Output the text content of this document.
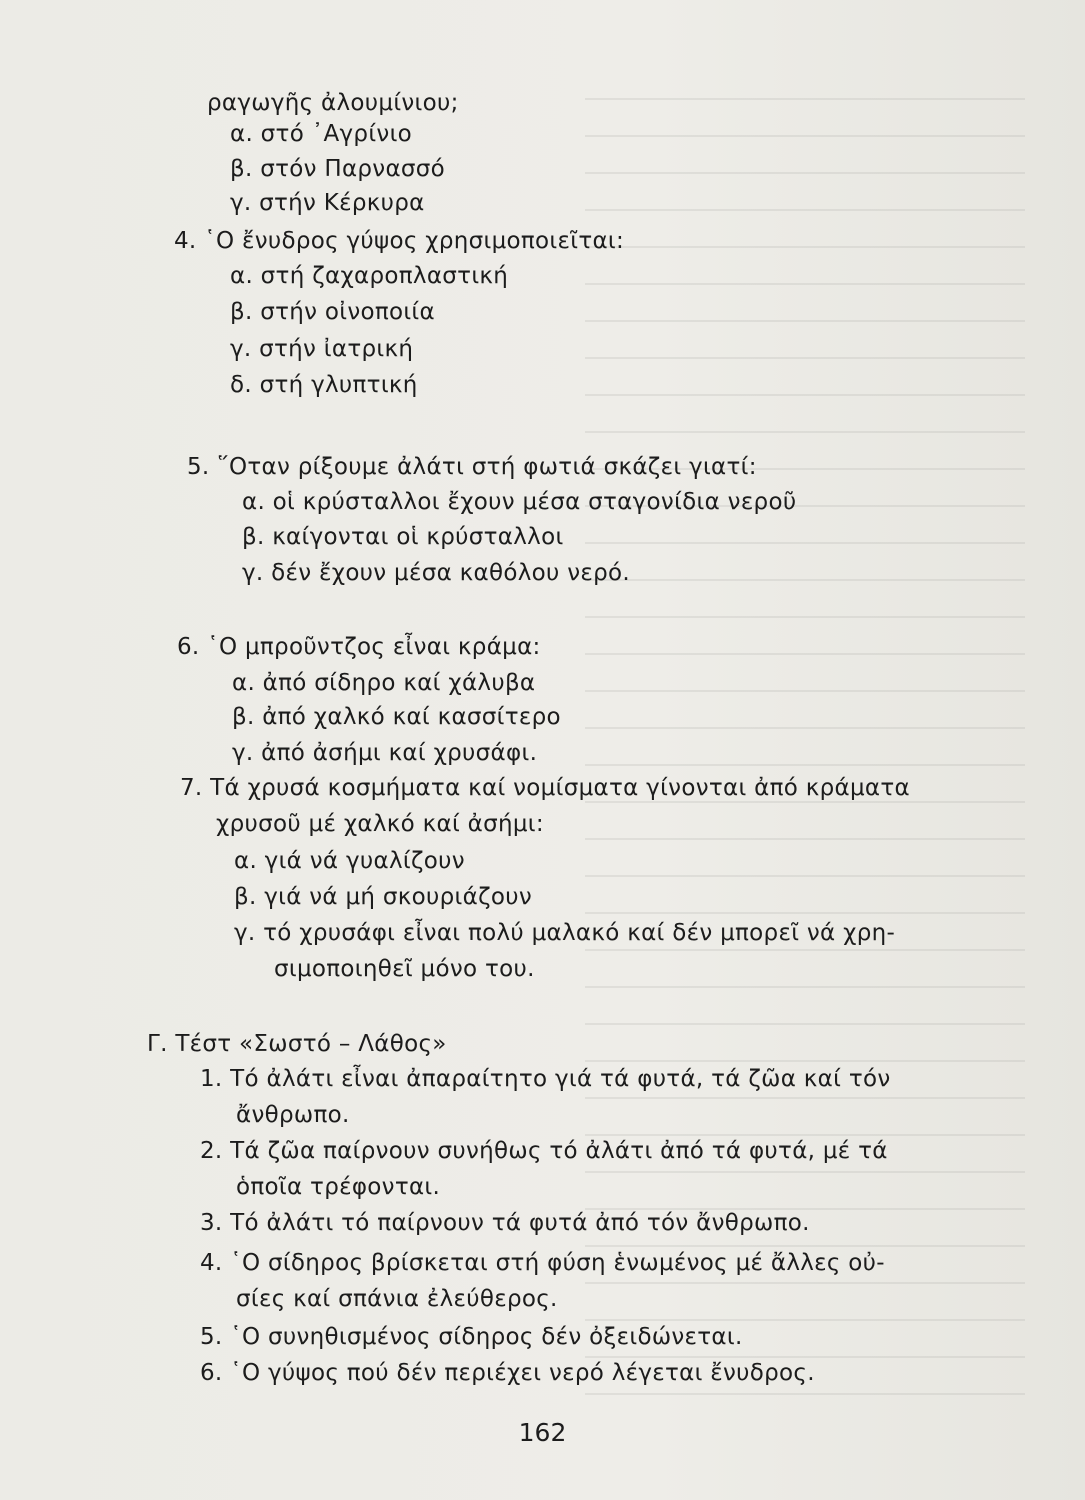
ραγωγῆς ἀλουμίνιου;
α. στό ᾿Αγρίνιο
β. στόν Παρνασσό
γ. στήν Κέρκυρα
4. ῾Ο ἔνυδρος γύψος χρησιμοποιεῖται:
α. στή ζαχαροπλαστική
β. στήν οἰνοποιία
γ. στήν ἰατρική
δ. στή γλυπτική
5. ῞Οταν ρίξουμε ἀλάτι στή φωτιά σκάζει γιατί:
α. οἱ κρύσταλλοι ἔχουν μέσα σταγονίδια νεροῦ
β. καίγονται οἱ κρύσταλλοι
γ. δέν ἔχουν μέσα καθόλου νερό.
6. ῾Ο μπροῦντζος εἶναι κράμα:
α. ἀπό σίδηρο καί χάλυβα
β. ἀπό χαλκό καί κασσίτερο
γ. ἀπό ἀσήμι καί χρυσάφι.
7. Τά χρυσά κοσμήματα καί νομίσματα γίνονται ἀπό κράματα
χρυσοῦ μέ χαλκό καί ἀσήμι:
α. γιά νά γυαλίζουν
β. γιά νά μή σκουριάζουν
γ. τό χρυσάφι εἶναι πολύ μαλακό καί δέν μπορεῖ νά χρη-
σιμοποιηθεῖ μόνο του.
Γ. Τέστ «Σωστό – Λάθος»
1. Τό ἀλάτι εἶναι ἀπαραίτητο γιά τά φυτά, τά ζῶα καί τόν
ἄνθρωπο.
2. Τά ζῶα παίρνουν συνήθως τό ἀλάτι ἀπό τά φυτά, μέ τά
ὁποῖα τρέφονται.
3. Τό ἀλάτι τό παίρνουν τά φυτά ἀπό τόν ἄνθρωπο.
4. ῾Ο σίδηρος βρίσκεται στή φύση ἑνωμένος μέ ἄλλες οὐ-
σίες καί σπάνια ἐλεύθερος.
5. ῾Ο συνηθισμένος σίδηρος δέν ὀξειδώνεται.
6. ῾Ο γύψος πού δέν περιέχει νερό λέγεται ἔνυδρος.
162
